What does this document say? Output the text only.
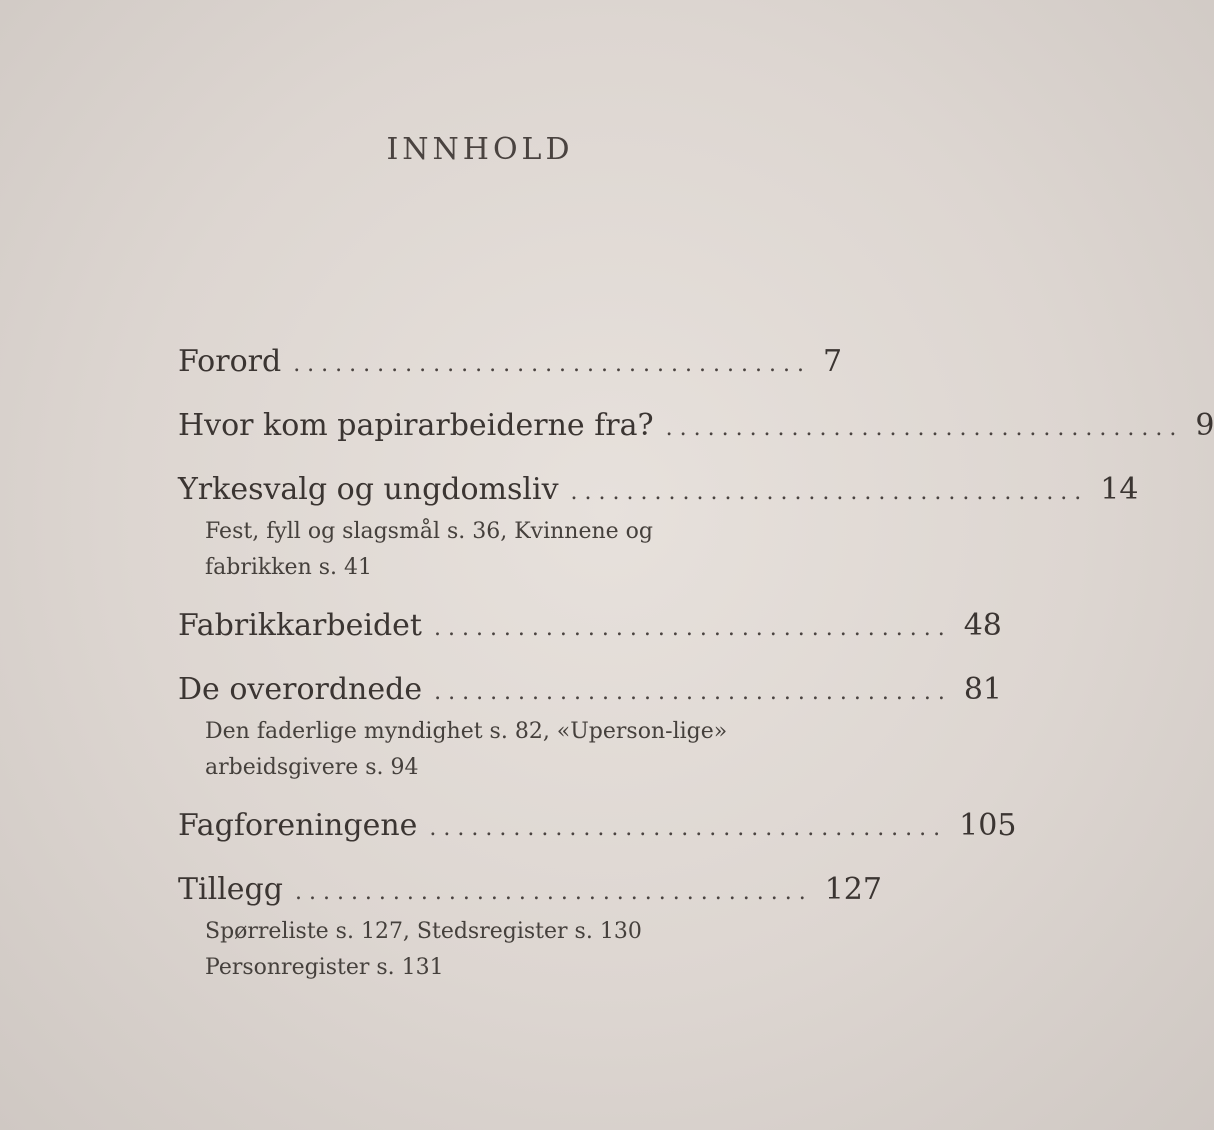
INNHOLD
Forord ..................................... 7
Hvor kom papirarbeiderne fra? ..................................... 9
Yrkesvalg og ungdomsliv ..................................... 14
Fest, fyll og slagsmål s. 36, Kvinnene og fabrikken s. 41
Fabrikkarbeidet ..................................... 48
De overordnede ..................................... 81
Den faderlige myndighet s. 82, «Uperson-lige» arbeidsgivere s. 94
Fagforeningene ..................................... 105
Tillegg ..................................... 127
Spørreliste s. 127, Stedsregister s. 130 Personregister s. 131
